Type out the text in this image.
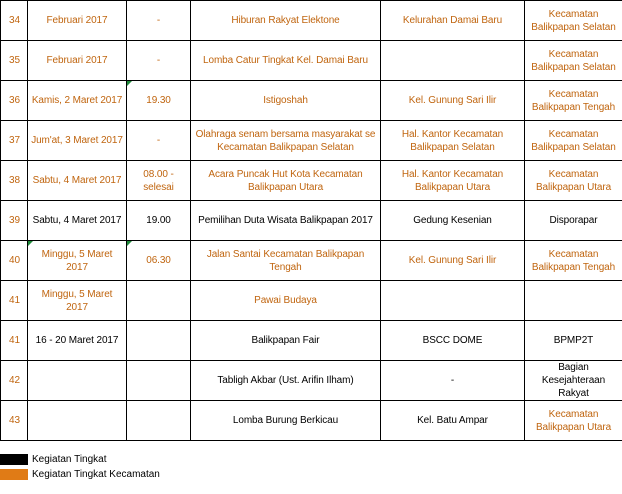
34	Februari 2017	-	Hiburan Rakyat Elektone	Kelurahan Damai Baru	Kecamatan Balikpapan Selatan
35	Februari 2017	-	Lomba Catur Tingkat Kel. Damai Baru		Kecamatan Balikpapan Selatan
36	Kamis, 2 Maret 2017	19.30	Istigoshah	Kel. Gunung Sari Ilir	Kecamatan Balikpapan Tengah
37	Jum'at, 3 Maret 2017	-	Olahraga senam bersama masyarakat se Kecamatan Balikpapan Selatan	Hal. Kantor Kecamatan Balikpapan Selatan	Kecamatan Balikpapan Selatan
38	Sabtu, 4 Maret 2017	08.00 - selesai	Acara Puncak Hut Kota Kecamatan Balikpapan Utara	Hal. Kantor Kecamatan Balikpapan Utara	Kecamatan Balikpapan Utara
39	Sabtu, 4 Maret 2017	19.00	Pemilihan Duta Wisata Balikpapan 2017	Gedung Kesenian	Disporapar
40	Minggu, 5 Maret 2017	06.30	Jalan Santai Kecamatan Balikpapan Tengah	Kel. Gunung Sari Ilir	Kecamatan Balikpapan Tengah
41	Minggu, 5 Maret 2017		Pawai Budaya		
41	16 - 20 Maret 2017		Balikpapan Fair	BSCC DOME	BPMP2T
42			Tabligh Akbar (Ust. Arifin Ilham)	-	Bagian Kesejahteraan Rakyat
43			Lomba Burung Berkicau	Kel. Batu Ampar	Kecamatan Balikpapan Utara
Kegiatan Tingkat
Kegiatan Tingkat Kecamatan
